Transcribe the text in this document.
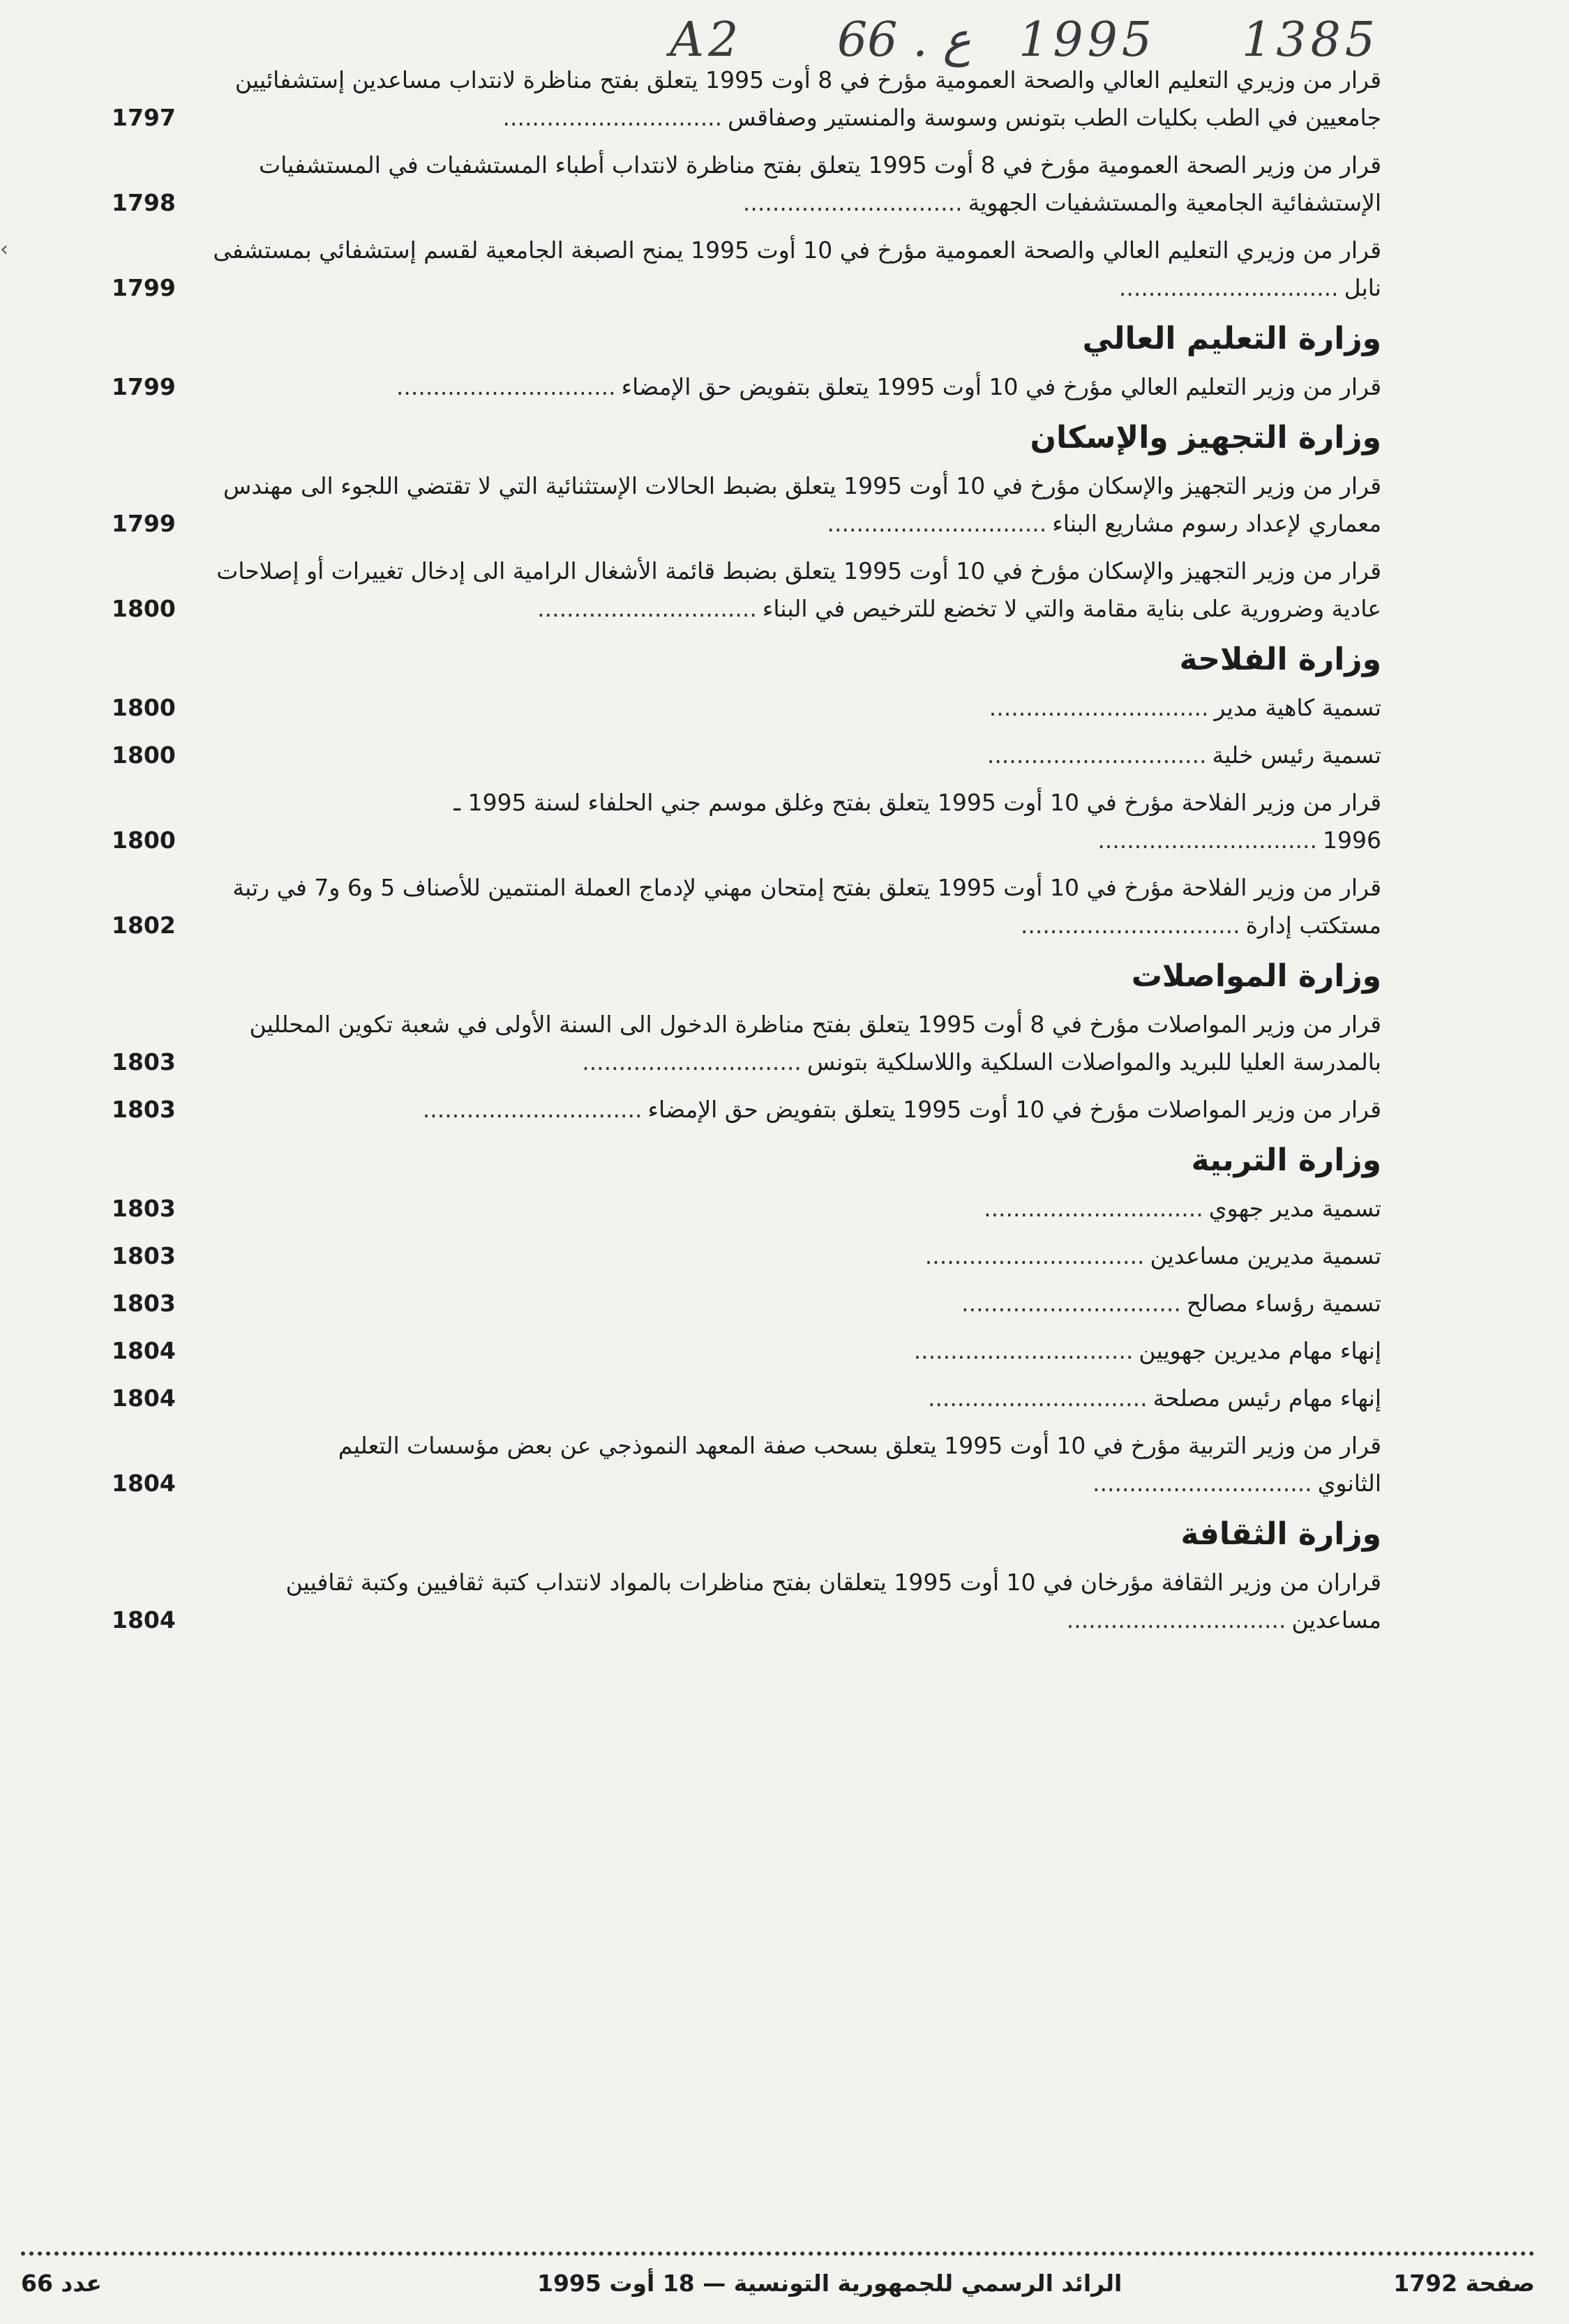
A2 66 . ع 1995 1385
‹
قرار من وزيري التعليم العالي والصحة العمومية مؤرخ في 8 أوت 1995 يتعلق بفتح مناظرة لانتداب مساعدين إستشفائيين جامعيين في الطب بكليات الطب بتونس وسوسة والمنستير وصفاقس..............................
1797
قرار من وزير الصحة العمومية مؤرخ في 8 أوت 1995 يتعلق بفتح مناظرة لانتداب أطباء المستشفيات في المستشفيات الإستشفائية الجامعية والمستشفيات الجهوية..............................
1798
قرار من وزيري التعليم العالي والصحة العمومية مؤرخ في 10 أوت 1995 يمنح الصبغة الجامعية لقسم إستشفائي بمستشفى نابل..............................
1799
وزارة التعليم العالي
قرار من وزير التعليم العالي مؤرخ في 10 أوت 1995 يتعلق بتفويض حق الإمضاء..............................
1799
وزارة التجهيز والإسكان
قرار من وزير التجهيز والإسكان مؤرخ في 10 أوت 1995 يتعلق بضبط الحالات الإستثنائية التي لا تقتضي اللجوء الى مهندس معماري لإعداد رسوم مشاريع البناء..............................
1799
قرار من وزير التجهيز والإسكان مؤرخ في 10 أوت 1995 يتعلق بضبط قائمة الأشغال الرامية الى إدخال تغييرات أو إصلاحات عادية وضرورية على بناية مقامة والتي لا تخضع للترخيص في البناء..............................
1800
وزارة الفلاحة
تسمية كاهية مدير..............................
1800
تسمية رئيس خلية..............................
1800
قرار من وزير الفلاحة مؤرخ في 10 أوت 1995 يتعلق بفتح وغلق موسم جني الحلفاء لسنة 1995 ـ 1996..............................
1800
قرار من وزير الفلاحة مؤرخ في 10 أوت 1995 يتعلق بفتح إمتحان مهني لإدماج العملة المنتمين للأصناف 5 و6 و7 في رتبة مستكتب إدارة..............................
1802
وزارة المواصلات
قرار من وزير المواصلات مؤرخ في 8 أوت 1995 يتعلق بفتح مناظرة الدخول الى السنة الأولى في شعبة تكوين المحللين بالمدرسة العليا للبريد والمواصلات السلكية واللاسلكية بتونس..............................
1803
قرار من وزير المواصلات مؤرخ في 10 أوت 1995 يتعلق بتفويض حق الإمضاء..............................
1803
وزارة التربية
تسمية مدير جهوي..............................
1803
تسمية مديرين مساعدين..............................
1803
تسمية رؤساء مصالح..............................
1803
إنهاء مهام مديرين جهويين..............................
1804
إنهاء مهام رئيس مصلحة..............................
1804
قرار من وزير التربية مؤرخ في 10 أوت 1995 يتعلق بسحب صفة المعهد النموذجي عن بعض مؤسسات التعليم الثانوي..............................
1804
وزارة الثقافة
قراران من وزير الثقافة مؤرخان في 10 أوت 1995 يتعلقان بفتح مناظرات بالمواد لانتداب كتبة ثقافيين وكتبة ثقافيين مساعدين..............................
1804
عدد 66	الرائد الرسمي للجمهورية التونسية — 18 أوت 1995	صفحة 1792
